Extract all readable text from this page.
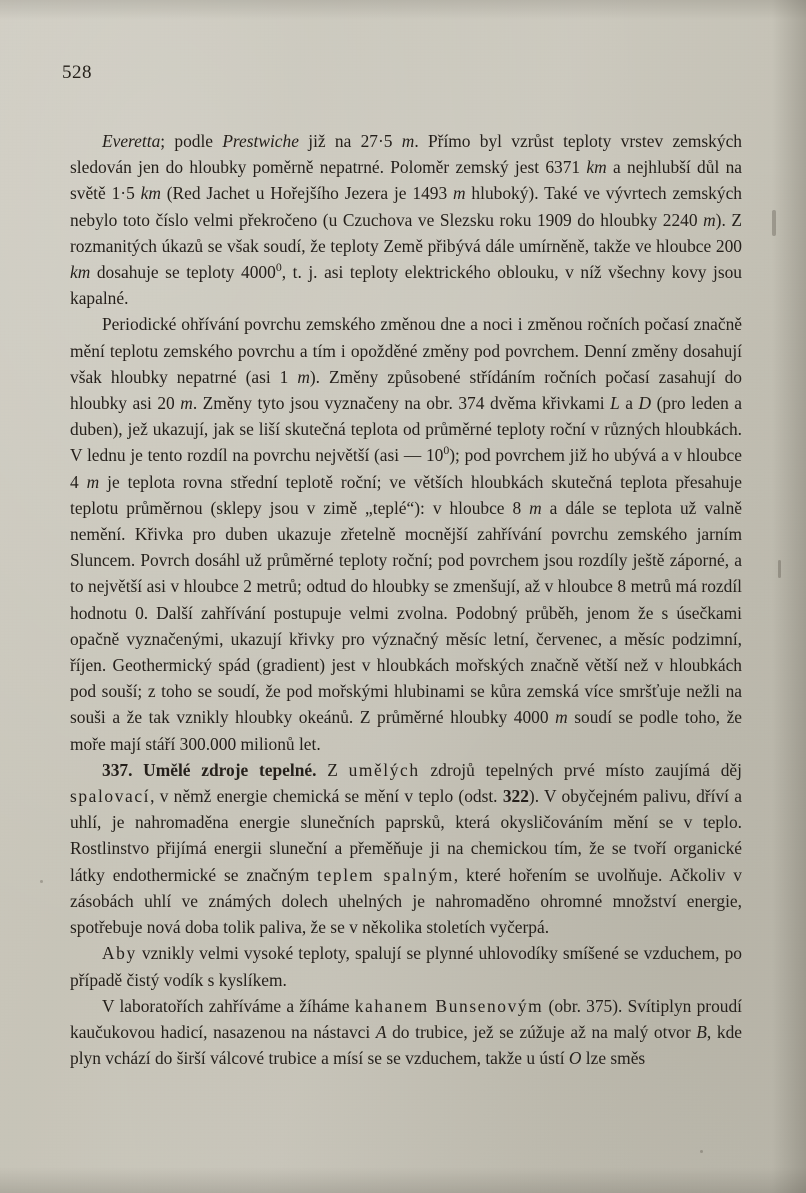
528

Everetta; podle Prestwiche již na 27·5 m. Přímo byl vzrůst teploty vrstev zemských sledován jen do hloubky poměrně nepatrné. Poloměr zemský jest 6371 km a nejhlubší důl na světě 1·5 km (Red Jachet u Hořejšího Jezera je 1493 m hluboký). Také ve vývrtech zemských nebylo toto číslo velmi překročeno (u Czuchova ve Slezsku roku 1909 do hloubky 2240 m). Z rozmanitých úkazů se však soudí, že teploty Země přibývá dále umírněně, takže ve hloubce 200 km dosahuje se teploty 4000$^0$, t. j. asi teploty elektrického oblouku, v níž všechny kovy jsou kapalné.

Periodické ohřívání povrchu zemského změnou dne a noci i změnou ročních počasí značně mění teplotu zemského povrchu a tím i opožděné změny pod povrchem. Denní změny dosahují však hloubky nepatrné (asi 1 m). Změny způsobené střídáním ročních počasí zasahují do hloubky asi 20 m. Změny tyto jsou vyznačeny na obr. 374 dvěma křivkami L a D (pro leden a duben), jež ukazují, jak se liší skutečná teplota od průměrné teploty roční v různých hloubkách. V lednu je tento rozdíl na povrchu největší (asi — $10^0$); pod povrchem již ho ubývá a v hloubce 4 m je teplota rovna střední teplotě roční; ve větších hloubkách skutečná teplota přesahuje teplotu průměrnou (sklepy jsou v zimě „teplé“): v hloubce 8 m a dále se teplota už valně nemění. Křivka pro duben ukazuje zřetelně mocnější zahřívání povrchu zemského jarním Sluncem. Povrch dosáhl už průměrné teploty roční; pod povrchem jsou rozdíly ještě záporné, a to největší asi v hloubce 2 metrů; odtud do hloubky se zmenšují, až v hloubce 8 metrů má rozdíl hodnotu 0. Další zahřívání postupuje velmi zvolna. Podobný průběh, jenom že s úsečkami opačně vyznačenými, ukazují křivky pro význačný měsíc letní, červenec, a měsíc podzimní, říjen. Geothermický spád (gradient) jest v hloubkách mořských značně větší než v hloubkách pod souší; z toho se soudí, že pod mořskými hlubinami se kůra zemská více smršťuje nežli na souši a že tak vznikly hloubky okeánů. Z průměrné hloubky 4000 m soudí se podle toho, že moře mají stáří 300.000 milionů let.

337. Umělé zdroje tepelné. Z umělých zdrojů tepelných prvé místo zaujímá děj spalovací, v němž energie chemická se mění v teplo (odst. 322). V obyčejném palivu, dříví a uhlí, je nahromaděna energie slunečních paprsků, která okysličováním mění se v teplo. Rostlinstvo přijímá energii sluneční a přeměňuje ji na chemickou tím, že se tvoří organické látky endothermické se značným teplem spalným, které hořením se uvolňuje. Ačkoliv v zásobách uhlí ve známých dolech uhelných je nahromaděno ohromné množství energie, spotřebuje nová doba tolik paliva, že se v několika stoletích vyčerpá.

Aby vznikly velmi vysoké teploty, spalují se plynné uhlovodíky smíšené se vzduchem, po případě čistý vodík s kyslíkem.

V laboratořích zahříváme a žíháme kahanem Bunsenovým (obr. 375). Svítiplyn proudí kaučukovou hadicí, nasazenou na nástavci A do trubice, jež se zúžuje až na malý otvor B, kde plyn vchází do širší válcové trubice a mísí se se vzduchem, takže u ústí O lze směs
